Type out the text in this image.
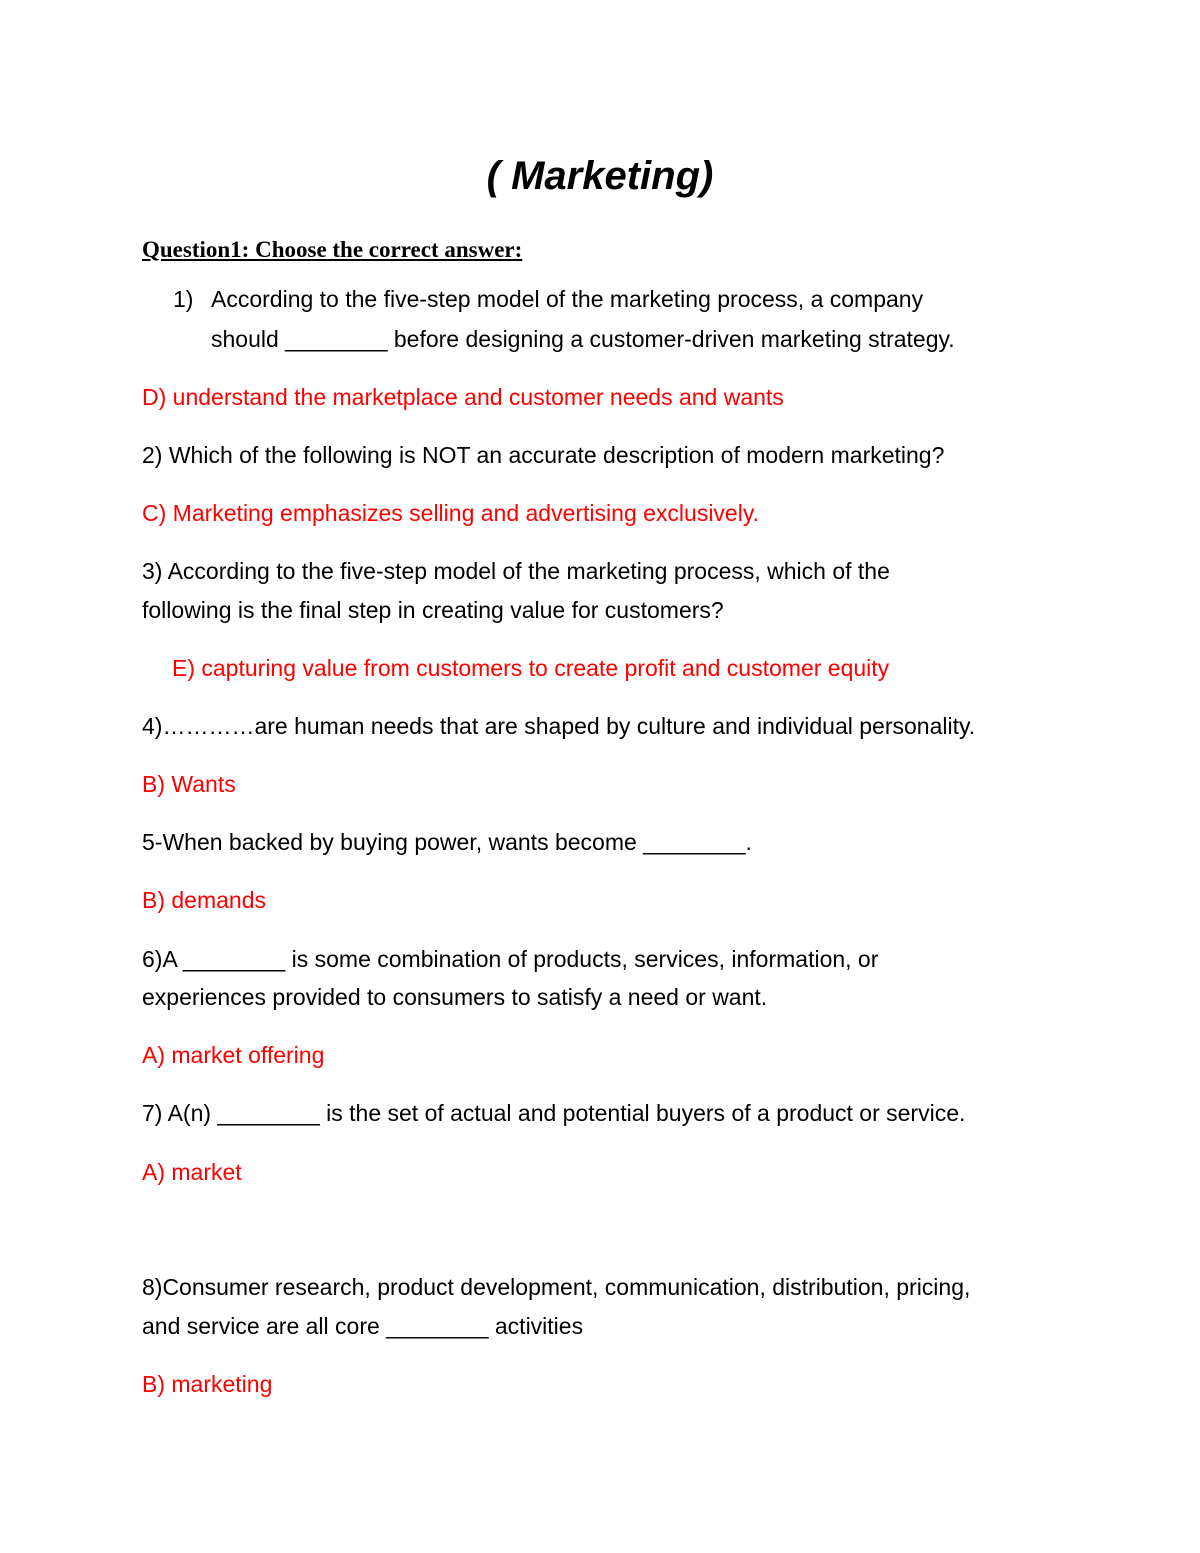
( Marketing)
Question1: Choose the correct answer:
1) According to the five-step model of the marketing process, a company
should ________ before designing a customer-driven marketing strategy.
D) understand the marketplace and customer needs and wants
2) Which of the following is NOT an accurate description of modern marketing?
C) Marketing emphasizes selling and advertising exclusively.
3) According to the five-step model of the marketing process, which of the
following is the final step in creating value for customers?
E) capturing value from customers to create profit and customer equity
4)…………are human needs that are shaped by culture and individual personality.
B) Wants
5-When backed by buying power, wants become ________.
B) demands
6)A ________ is some combination of products, services, information, or
experiences provided to consumers to satisfy a need or want.
A) market offering
7) A(n) ________ is the set of actual and potential buyers of a product or service.
A) market
8)Consumer research, product development, communication, distribution, pricing,
and service are all core ________ activities
B) marketing
